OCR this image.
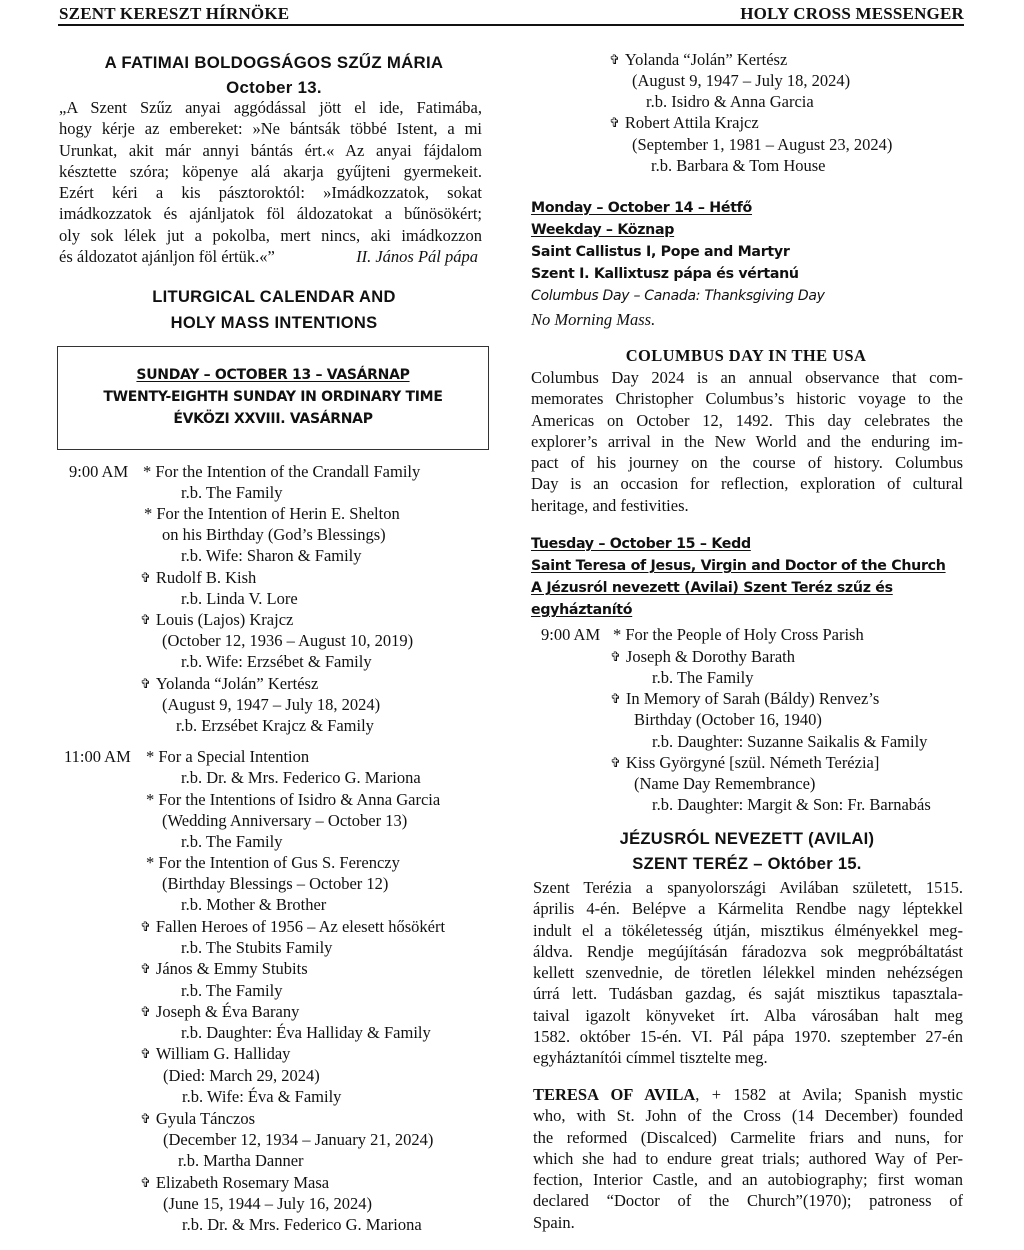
SZENT KERESZT HÍRNÖKE	HOLY CROSS MESSENGER
A FATIMAI BOLDOGSÁGOS SZŰZ MÁRIA
October 13.

„A Szent Szűz anyai aggódással jött el ide, Fatimába,

hogy kérje az embereket: »Ne bántsák többé Istent, a mi

Urunkat, akit már annyi bántás ért.« Az anyai fájdalom

késztette szóra; köpenye alá akarja gyűjteni gyermekeit.

Ezért kéri a kis pásztoroktól: »Imádkozzatok, sokat

imádkozzatok és ajánljatok föl áldozatokat a bűnösökért;

oly sok lélek jut a pokolba, mert nincs, aki imádkozzon

és áldozatot ajánljon föl értük.«”	II. János Pál pápa

LITURGICAL CALENDAR AND
HOLY MASS INTENTIONS
SUNDAY – OCTOBER 13 – VASÁRNAP
TWENTY-EIGHTH SUNDAY IN ORDINARY TIME
ÉVKÖZI XXVIII. VASÁRNAP
9:00 AM * For the Intention of the Crandall Family
r.b. The Family
* For the Intention of Herin E. Shelton
on his Birthday (God’s Blessings)
r.b. Wife: Sharon & Family
✞ Rudolf B. Kish
r.b. Linda V. Lore
✞ Louis (Lajos) Krajcz
(October 12, 1936 – August 10, 2019)
r.b. Wife: Erzsébet & Family
✞ Yolanda “Jolán” Kertész
(August 9, 1947 – July 18, 2024)
r.b. Erzsébet Krajcz & Family
11:00 AM * For a Special Intention
r.b. Dr. & Mrs. Federico G. Mariona
* For the Intentions of Isidro & Anna Garcia
(Wedding Anniversary – October 13)
r.b. The Family
* For the Intention of Gus S. Ferenczy
(Birthday Blessings – October 12)
r.b. Mother & Brother
✞ Fallen Heroes of 1956 – Az elesett hősökért
r.b. The Stubits Family
✞ János & Emmy Stubits
r.b. The Family
✞ Joseph & Éva Barany
r.b. Daughter: Éva Halliday & Family
✞ William G. Halliday
(Died: March 29, 2024)
r.b. Wife: Éva & Family
✞ Gyula Tánczos
(December 12, 1934 – January 21, 2024)
r.b. Martha Danner
✞ Elizabeth Rosemary Masa
(June 15, 1944 – July 16, 2024)
r.b. Dr. & Mrs. Federico G. Mariona
✞ Yolanda “Jolán” Kertész
(August 9, 1947 – July 18, 2024)
r.b. Isidro & Anna Garcia
✞ Robert Attila Krajcz
(September 1, 1981 – August 23, 2024)
r.b. Barbara & Tom House
Monday – October 14 – Hétfő
Weekday – Köznap
Saint Callistus I, Pope and Martyr
Szent I. Kallixtusz pápa és vértanú
Columbus Day – Canada: Thanksgiving Day
No Morning Mass.
COLUMBUS DAY IN THE USA

Columbus Day 2024 is an annual observance that com-

memorates Christopher Columbus’s historic voyage to the

Americas on October 12, 1492. This day celebrates the

explorer’s arrival in the New World and the enduring im-

pact of his journey on the course of history. Columbus

Day is an occasion for reflection, exploration of cultural

heritage, and festivities.

Tuesday – October 15 – Kedd
Saint Teresa of Jesus, Virgin and Doctor of the Church
A Jézusról nevezett (Avilai) Szent Teréz szűz és
egyháztanító
9:00 AM * For the People of Holy Cross Parish
✞ Joseph & Dorothy Barath
r.b. The Family
✞ In Memory of Sarah (Báldy) Renvez’s
Birthday (October 16, 1940)
r.b. Daughter: Suzanne Saikalis & Family
✞ Kiss Györgyné [szül. Németh Terézia]
(Name Day Remembrance)
r.b. Daughter: Margit & Son: Fr. Barnabás
JÉZUSRÓL NEVEZETT (AVILAI)
SZENT TERÉZ – Október 15.

Szent Terézia a spanyolországi Avilában született, 1515.

április 4-én. Belépve a Kármelita Rendbe nagy léptekkel

indult el a tökéletesség útján, misztikus élményekkel meg-

áldva. Rendje megújításán fáradozva sok megpróbáltatást

kellett szenvednie, de töretlen lélekkel minden nehézségen

úrrá lett. Tudásban gazdag, és saját misztikus tapasztala-

taival igazolt könyveket írt. Alba városában halt meg

1582. október 15-én. VI. Pál pápa 1970. szeptember 27-én

egyháztanítói címmel tisztelte meg.

TERESA OF AVILA, + 1582 at Avila; Spanish mystic

who, with St. John of the Cross (14 December) founded

the reformed (Discalced) Carmelite friars and nuns, for

which she had to endure great trials; authored Way of Per-

fection, Interior Castle, and an autobiography; first woman

declared “Doctor of the Church”(1970); patroness of

Spain.
